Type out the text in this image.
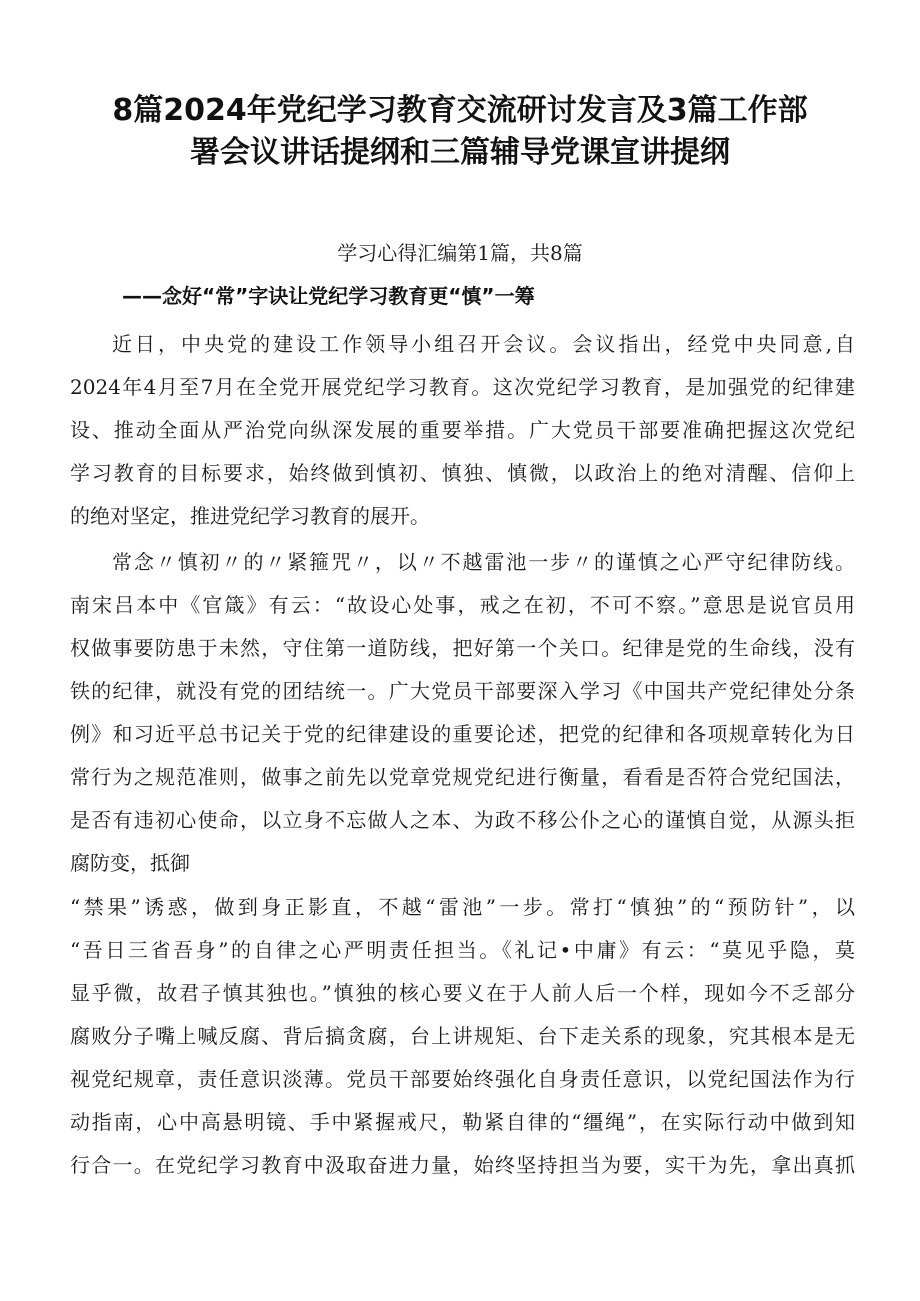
8篇2024年党纪学习教育交流研讨发言及3篇工作部
署会议讲话提纲和三篇辅导党课宣讲提纲
学习心得汇编第1篇，共8篇
——念好“常”字诀让党纪学习教育更“慎”一筹
近日，中央党的建设工作领导小组召开会议。会议指出，经党中央同意,自
2024年4月至7月在全党开展党纪学习教育。这次党纪学习教育，是加强党的纪律建
设、推动全面从严治党向纵深发展的重要举措。广大党员干部要准确把握这次党纪
学习教育的目标要求，始终做到慎初、慎独、慎微，以政治上的绝对清醒、信仰上
的绝对坚定，推进党纪学习教育的展开。
常念〃慎初〃的〃紧箍咒〃，以〃不越雷池一步〃的谨慎之心严守纪律防线。
南宋吕本中《官箴》有云：“故设心处事，戒之在初，不可不察。”意思是说官员用
权做事要防患于未然，守住第一道防线，把好第一个关口。纪律是党的生命线，没有
铁的纪律，就没有党的团结统一。广大党员干部要深入学习《中国共产党纪律处分条
例》和习近平总书记关于党的纪律建设的重要论述，把党的纪律和各项规章转化为日
常行为之规范准则，做事之前先以党章党规党纪进行衡量，看看是否符合党纪国法，
是否有违初心使命，以立身不忘做人之本、为政不移公仆之心的谨慎自觉，从源头拒
腐防变，抵御
“禁果”诱惑，做到身正影直，不越“雷池”一步。常打“慎独”的“预防针”，以
“吾日三省吾身”的自律之心严明责任担当。《礼记•中庸》有云：“莫见乎隐，莫
显乎微，故君子慎其独也。”慎独的核心要义在于人前人后一个样，现如今不乏部分
腐败分子嘴上喊反腐、背后搞贪腐，台上讲规矩、台下走关系的现象，究其根本是无
视党纪规章，责任意识淡薄。党员干部要始终强化自身责任意识，以党纪国法作为行
动指南，心中高悬明镜、手中紧握戒尺，勒紧自律的“缰绳”，在实际行动中做到知
行合一。在党纪学习教育中汲取奋进力量，始终坚持担当为要，实干为先，拿出真抓
